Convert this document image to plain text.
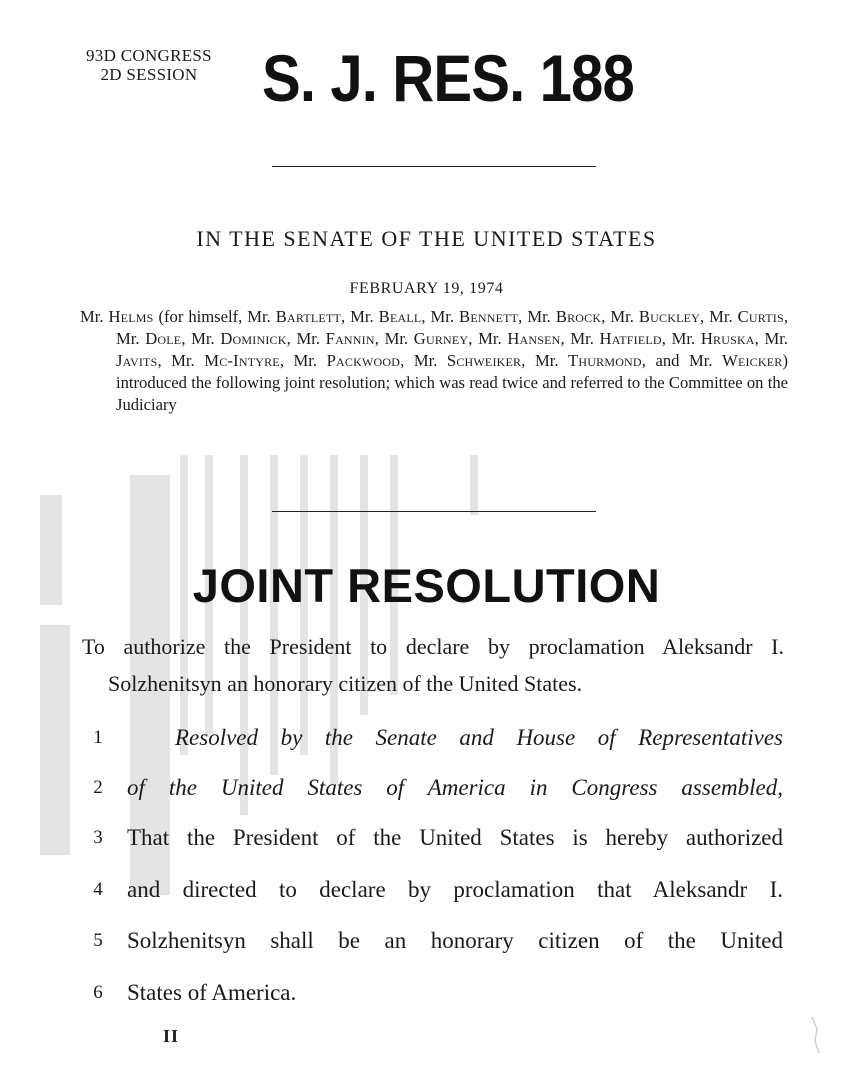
93D CONGRESS
2D SESSION S. J. RES. 188
IN THE SENATE OF THE UNITED STATES
FEBRUARY 19, 1974
Mr. Helms (for himself, Mr. Bartlett, Mr. Beall, Mr. Bennett, Mr. Brock, Mr. Buckley, Mr. Curtis, Mr. Dole, Mr. Dominick, Mr. Fannin, Mr. Gurney, Mr. Hansen, Mr. Hatfield, Mr. Hruska, Mr. Javits, Mr. Mc-Intyre, Mr. Packwood, Mr. Schweiker, Mr. Thurmond, and Mr. Weicker) introduced the following joint resolution; which was read twice and referred to the Committee on the Judiciary
JOINT RESOLUTION
To authorize the President to declare by proclamation Aleksandr I. Solzhenitsyn an honorary citizen of the United States.
1	Resolved by the Senate and House of Representatives
2 of the United States of America in Congress assembled,
3 That the President of the United States is hereby authorized
4 and directed to declare by proclamation that Aleksandr I.
5 Solzhenitsyn shall be an honorary citizen of the United
6 States of America.
II
